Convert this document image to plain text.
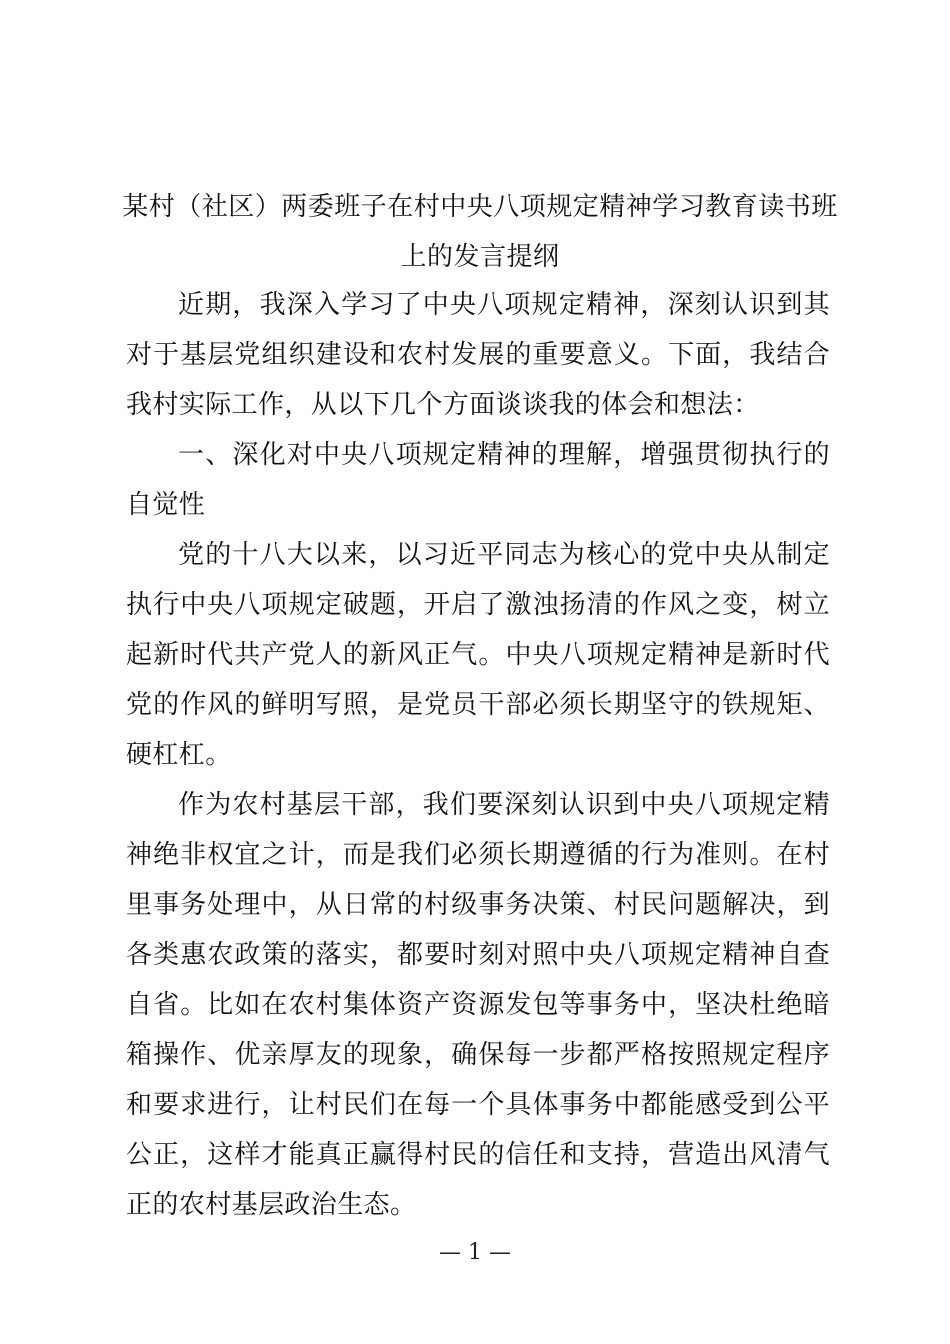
某村（社区）两委班子在村中央八项规定精神学习教育读书班上的发言提纲

近期，我深入学习了中央八项规定精神，深刻认识到其对于基层党组织建设和农村发展的重要意义。下面，我结合我村实际工作，从以下几个方面谈谈我的体会和想法：

一、深化对中央八项规定精神的理解，增强贯彻执行的自觉性

党的十八大以来，以习近平同志为核心的党中央从制定执行中央八项规定破题，开启了激浊扬清的作风之变，树立起新时代共产党人的新风正气。中央八项规定精神是新时代党的作风的鲜明写照，是党员干部必须长期坚守的铁规矩、硬杠杠。

作为农村基层干部，我们要深刻认识到中央八项规定精神绝非权宜之计，而是我们必须长期遵循的行为准则。在村里事务处理中，从日常的村级事务决策、村民问题解决，到各类惠农政策的落实，都要时刻对照中央八项规定精神自查自省。比如在农村集体资产资源发包等事务中，坚决杜绝暗箱操作、优亲厚友的现象，确保每一步都严格按照规定程序和要求进行，让村民们在每一个具体事务中都能感受到公平公正，这样才能真正赢得村民的信任和支持，营造出风清气正的农村基层政治生态。

— 1 —
